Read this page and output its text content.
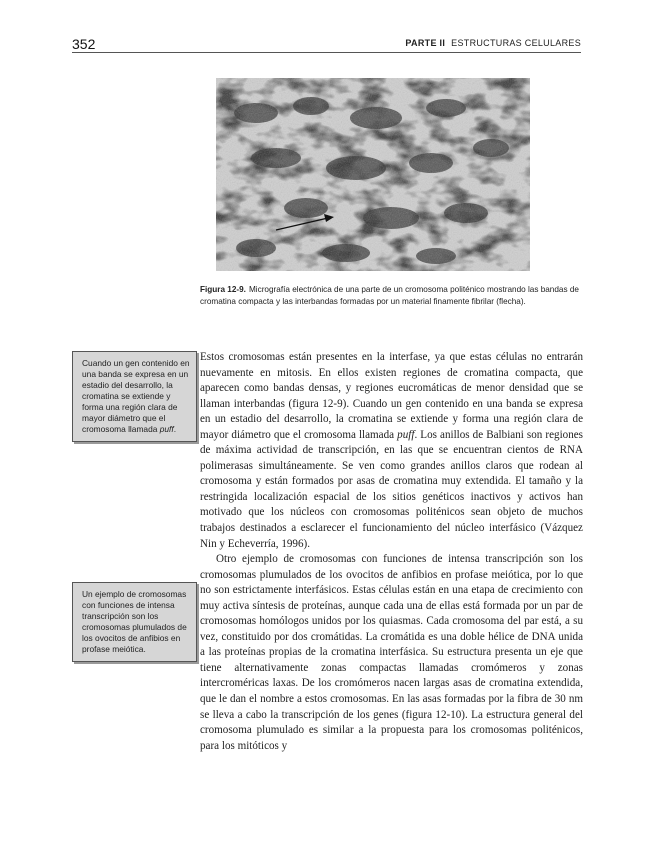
352	PARTE II ESTRUCTURAS CELULARES
Figura 12-9. Micrografía electrónica de una parte de un cromosoma politénico mostrando las bandas de cromatina compacta y las interbandas formadas por un material finamente fibrilar (flecha).
Cuando un gen contenido en una banda se expresa en un estadio del desarrollo, la cromatina se extiende y forma una región clara de mayor diámetro que el cromosoma llamada puff.
Un ejemplo de cromosomas con funciones de intensa transcripción son los cromosomas plumulados de los ovocitos de anfibios en profase meiótica.

Estos cromosomas están presentes en la interfase, ya que estas células no entrarán nuevamente en mitosis. En ellos existen regiones de cromatina compacta, que aparecen como bandas densas, y regiones eucromáticas de menor densidad que se llaman interbandas (figura 12-9). Cuando un gen contenido en una banda se expresa en un estadio del desarrollo, la cromatina se extiende y forma una región clara de mayor diámetro que el cromosoma llamada puff. Los anillos de Balbiani son regiones de máxima actividad de transcripción, en las que se encuentran cientos de RNA polimerasas simultáneamente. Se ven como grandes anillos claros que rodean al cromosoma y están formados por asas de cromatina muy extendida. El tamaño y la restringida localización espacial de los sitios genéticos inactivos y activos han motivado que los núcleos con cromosomas politénicos sean objeto de muchos trabajos destinados a esclarecer el funcionamiento del núcleo interfásico (Vázquez Nin y Echeverría, 1996).

Otro ejemplo de cromosomas con funciones de intensa transcripción son los cromosomas plumulados de los ovocitos de anfibios en profase meiótica, por lo que no son estrictamente interfásicos. Estas células están en una etapa de crecimiento con muy activa síntesis de proteínas, aunque cada una de ellas está formada por un par de cromosomas homólogos unidos por los quiasmas. Cada cromosoma del par está, a su vez, constituido por dos cromátidas. La cromátida es una doble hélice de DNA unida a las proteínas propias de la cromatina interfásica. Su estructura presenta un eje que tiene alternativamente zonas compactas llamadas cromómeros y zonas intercroméricas laxas. De los cromómeros nacen largas asas de cromatina extendida, que le dan el nombre a estos cromosomas. En las asas formadas por la fibra de 30 nm se lleva a cabo la transcripción de los genes (figura 12-10). La estructura general del cromosoma plumulado es similar a la propuesta para los cromosomas politénicos, para los mitóticos y
